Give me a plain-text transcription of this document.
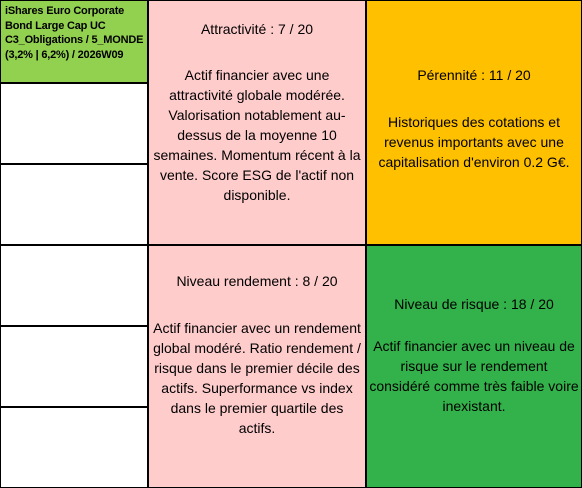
iShares Euro Corporate
Bond Large Cap UC
C3_Obligations / 5_MONDE
(3,2% | 6,2%) / 2026W09
Attractivité : 7 / 20
Actif financier avec une attractivité globale modérée. Valorisation notablement au-dessus de la moyenne 10 semaines. Momentum récent à la vente. Score ESG de l'actif non disponible.
Pérennité : 11 / 20
Historiques des cotations et revenus importants avec une capitalisation d'environ 0.2 G€.
Niveau rendement : 8 / 20
Actif financier avec un rendement global modéré. Ratio rendement / risque dans le premier décile des actifs. Superformance vs index dans le premier quartile des actifs.
Niveau de risque : 18 / 20
Actif financier avec un niveau de risque sur le rendement considéré comme très faible voire inexistant.
